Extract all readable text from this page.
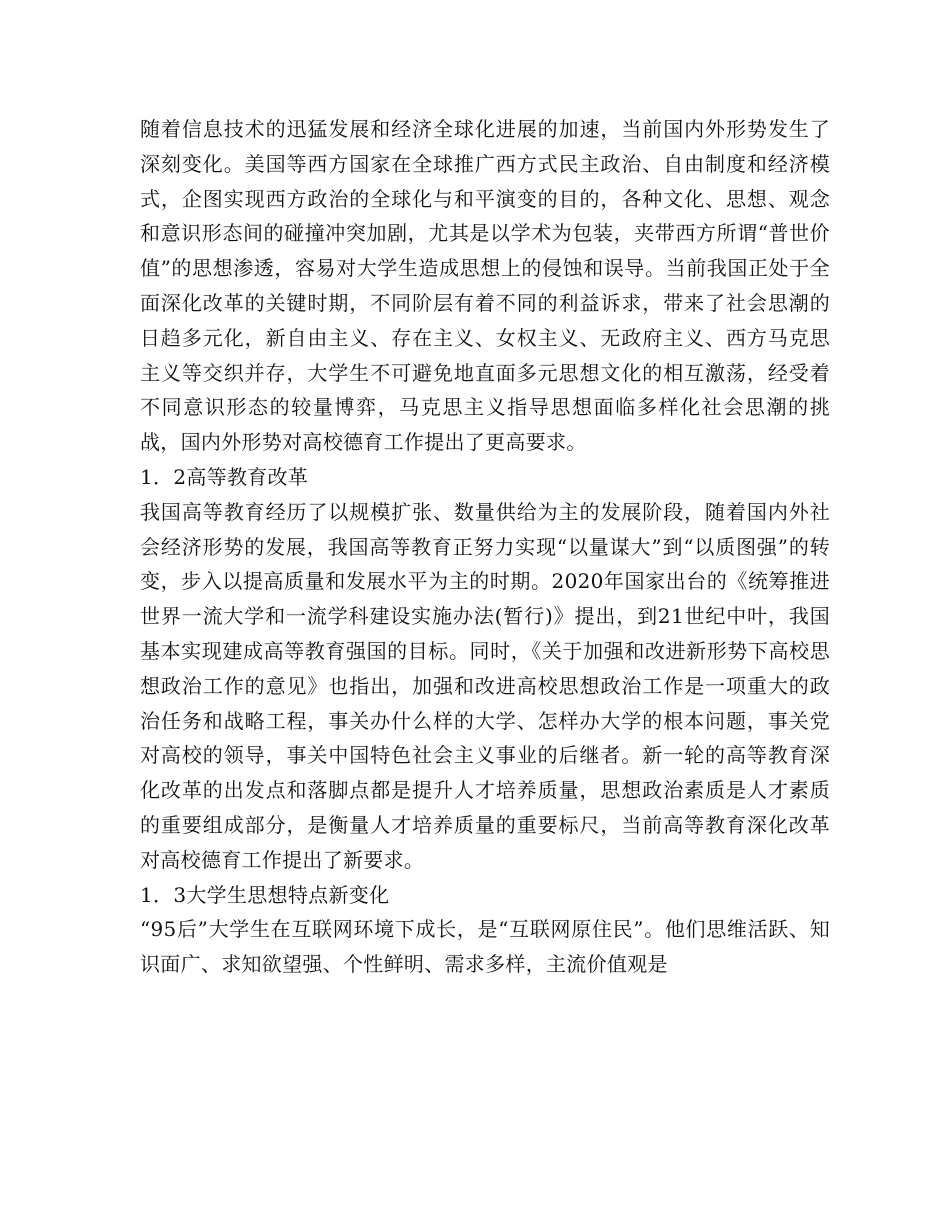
随着信息技术的迅猛发展和经济全球化进展的加速，当前国内外形势发生了深刻变化。美国等西方国家在全球推广西方式民主政治、自由制度和经济模式，企图实现西方政治的全球化与和平演变的目的，各种文化、思想、观念和意识形态间的碰撞冲突加剧，尤其是以学术为包装，夹带西方所谓“普世价值”的思想渗透，容易对大学生造成思想上的侵蚀和误导。当前我国正处于全面深化改革的关键时期，不同阶层有着不同的利益诉求，带来了社会思潮的日趋多元化，新自由主义、存在主义、女权主义、无政府主义、西方马克思主义等交织并存，大学生不可避免地直面多元思想文化的相互激荡，经受着不同意识形态的较量博弈，马克思主义指导思想面临多样化社会思潮的挑战，国内外形势对高校德育工作提出了更高要求。

1．2高等教育改革

我国高等教育经历了以规模扩张、数量供给为主的发展阶段，随着国内外社会经济形势的发展，我国高等教育正努力实现“以量谋大”到“以质图强”的转变，步入以提高质量和发展水平为主的时期。2020年国家出台的《统筹推进世界一流大学和一流学科建设实施办法(暂行)》提出，到21世纪中叶，我国基本实现建成高等教育强国的目标。同时，《关于加强和改进新形势下高校思想政治工作的意见》也指出，加强和改进高校思想政治工作是一项重大的政治任务和战略工程，事关办什么样的大学、怎样办大学的根本问题，事关党对高校的领导，事关中国特色社会主义事业的后继者。新一轮的高等教育深化改革的出发点和落脚点都是提升人才培养质量，思想政治素质是人才素质的重要组成部分，是衡量人才培养质量的重要标尺，当前高等教育深化改革对高校德育工作提出了新要求。

1．3大学生思想特点新变化

“95后”大学生在互联网环境下成长，是“互联网原住民”。他们思维活跃、知识面广、求知欲望强、个性鲜明、需求多样，主流价值观是
